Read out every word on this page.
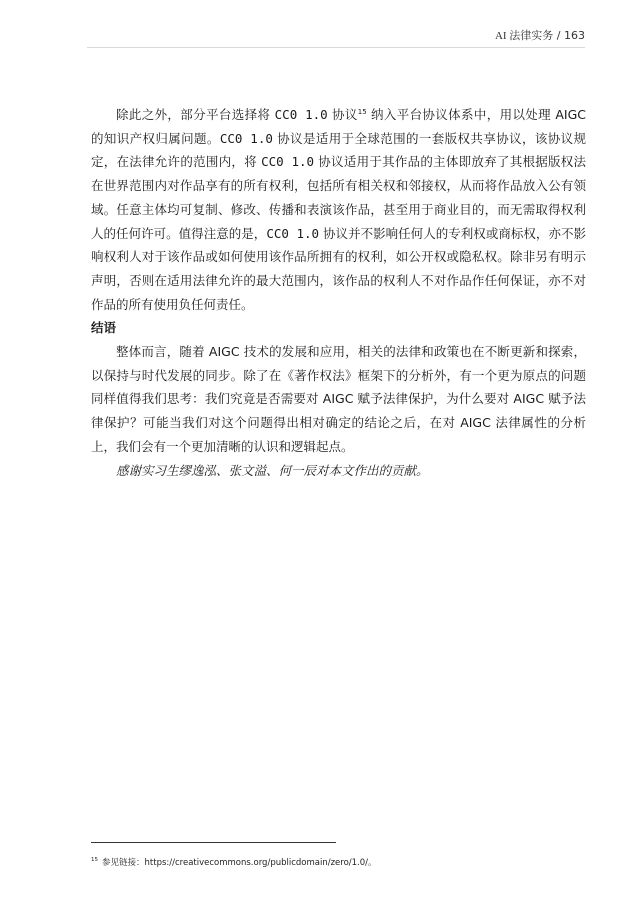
AI 法律实务 / 163

除此之外，部分平台选择将 CC0 1.0 协议$^{15}$ 纳入平台协议体系中，用以处理 AIGC 的知识产权归属问题。CC0 1.0 协议是适用于全球范围的一套版权共享协议，该协议规定，在法律允许的范围内，将 CC0 1.0 协议适用于其作品的主体即放弃了其根据版权法在世界范围内对作品享有的所有权利，包括所有相关权和邻接权，从而将作品放入公有领域。任意主体均可复制、修改、传播和表演该作品，甚至用于商业目的，而无需取得权利人的任何许可。值得注意的是，CC0 1.0 协议并不影响任何人的专利权或商标权，亦不影响权利人对于该作品或如何使用该作品所拥有的权利，如公开权或隐私权。除非另有明示声明，否则在适用法律允许的最大范围内，该作品的权利人不对作品作任何保证，亦不对作品的所有使用负任何责任。

结语

整体而言，随着 AIGC 技术的发展和应用，相关的法律和政策也在不断更新和探索，以保持与时代发展的同步。除了在《著作权法》框架下的分析外，有一个更为原点的问题同样值得我们思考：我们究竟是否需要对 AIGC 赋予法律保护，为什么要对 AIGC 赋予法律保护？可能当我们对这个问题得出相对确定的结论之后，在对 AIGC 法律属性的分析上，我们会有一个更加清晰的认识和逻辑起点。

感谢实习生缪逸泓、张文溢、何一辰对本文作出的贡献。

$^{15}$ 参见链接：https://creativecommons.org/publicdomain/zero/1.0/。
